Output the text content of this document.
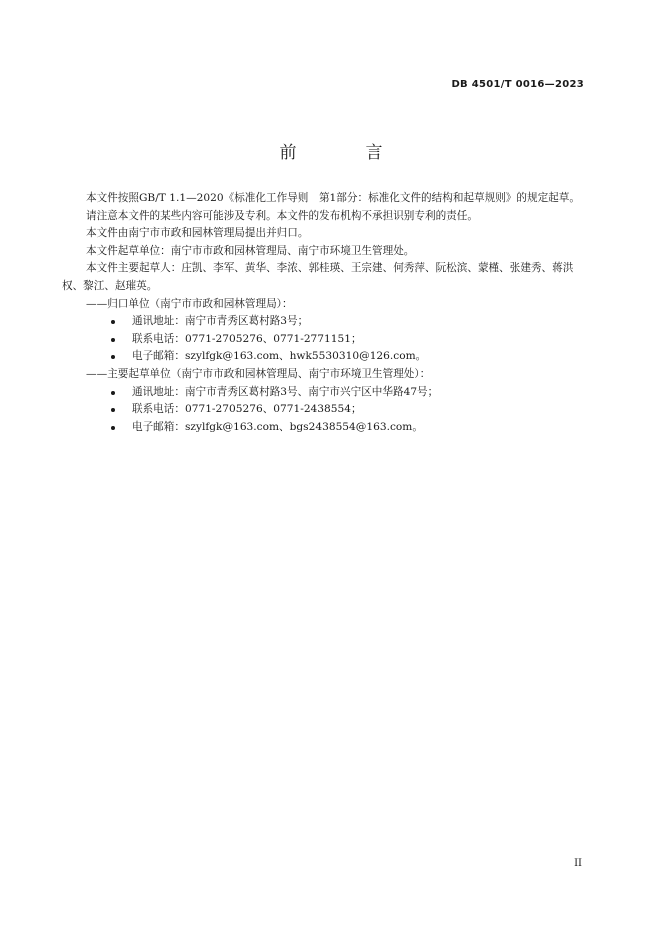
DB 4501/T 0016—2023
前　言

本文件按照GB/T 1.1—2020《标准化工作导则　第1部分：标准化文件的结构和起草规则》的规定起草。

请注意本文件的某些内容可能涉及专利。本文件的发布机构不承担识别专利的责任。

本文件由南宁市市政和园林管理局提出并归口。

本文件起草单位：南宁市市政和园林管理局、南宁市环境卫生管理处。

本文件主要起草人：庄凯、李军、黄华、李浓、郭桂瑛、王宗建、何秀萍、阮松滨、蒙槿、张建秀、蒋洪权、黎江、赵璀英。

——归口单位（南宁市市政和园林管理局）：

通讯地址：南宁市青秀区葛村路3号；

联系电话：0771-2705276、0771-2771151；

电子邮箱：szylfgk@163.com、hwk5530310@126.com。

——主要起草单位（南宁市市政和园林管理局、南宁市环境卫生管理处）：

通讯地址：南宁市青秀区葛村路3号、南宁市兴宁区中华路47号；

联系电话：0771-2705276、0771-2438554；

电子邮箱：szylfgk@163.com、bgs2438554@163.com。

II
